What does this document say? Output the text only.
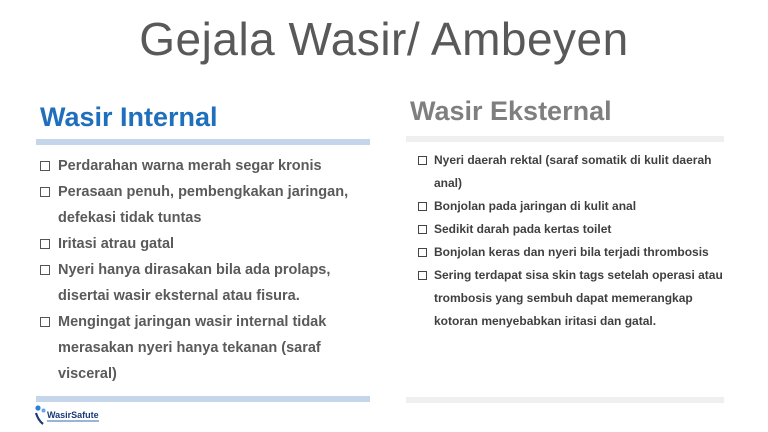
Gejala Wasir/ Ambeyen
Wasir Internal
Perdarahan warna merah segar kronis
Perasaan penuh, pembengkakan jaringan, defekasi tidak tuntas
Iritasi atrau gatal
Nyeri hanya dirasakan bila ada prolaps, disertai wasir eksternal atau fisura.
Mengingat jaringan wasir internal tidak merasakan nyeri hanya tekanan (saraf visceral)
Wasir Eksternal
Nyeri daerah rektal (saraf somatik di kulit daerah anal)
Bonjolan pada jaringan di kulit anal
Sedikit darah pada kertas toilet
Bonjolan keras dan nyeri bila terjadi thrombosis
Sering terdapat sisa skin tags setelah operasi atau trombosis yang sembuh dapat memerangkap kotoran menyebabkan iritasi dan gatal.
WasirSafute
